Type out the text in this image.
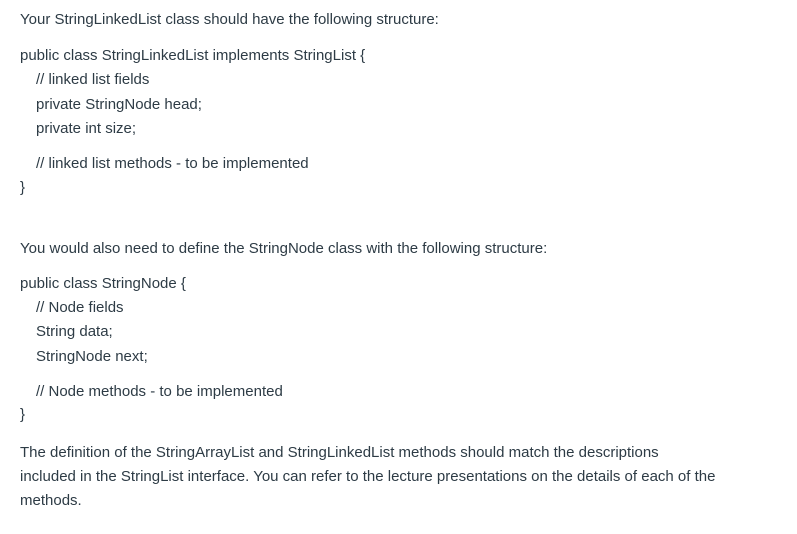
Your StringLinkedList class should have the following structure:

public class StringLinkedList implements StringList {

// linked list fields

private StringNode head;

private int size;

// linked list methods - to be implemented

}

You would also need to define the StringNode class with the following structure:

public class StringNode {

// Node fields

String data;

StringNode next;

// Node methods - to be implemented

}

The definition of the StringArrayList and StringLinkedList methods should match the descriptions

included in the StringList interface. You can refer to the lecture presentations on the details of each of the

methods.
